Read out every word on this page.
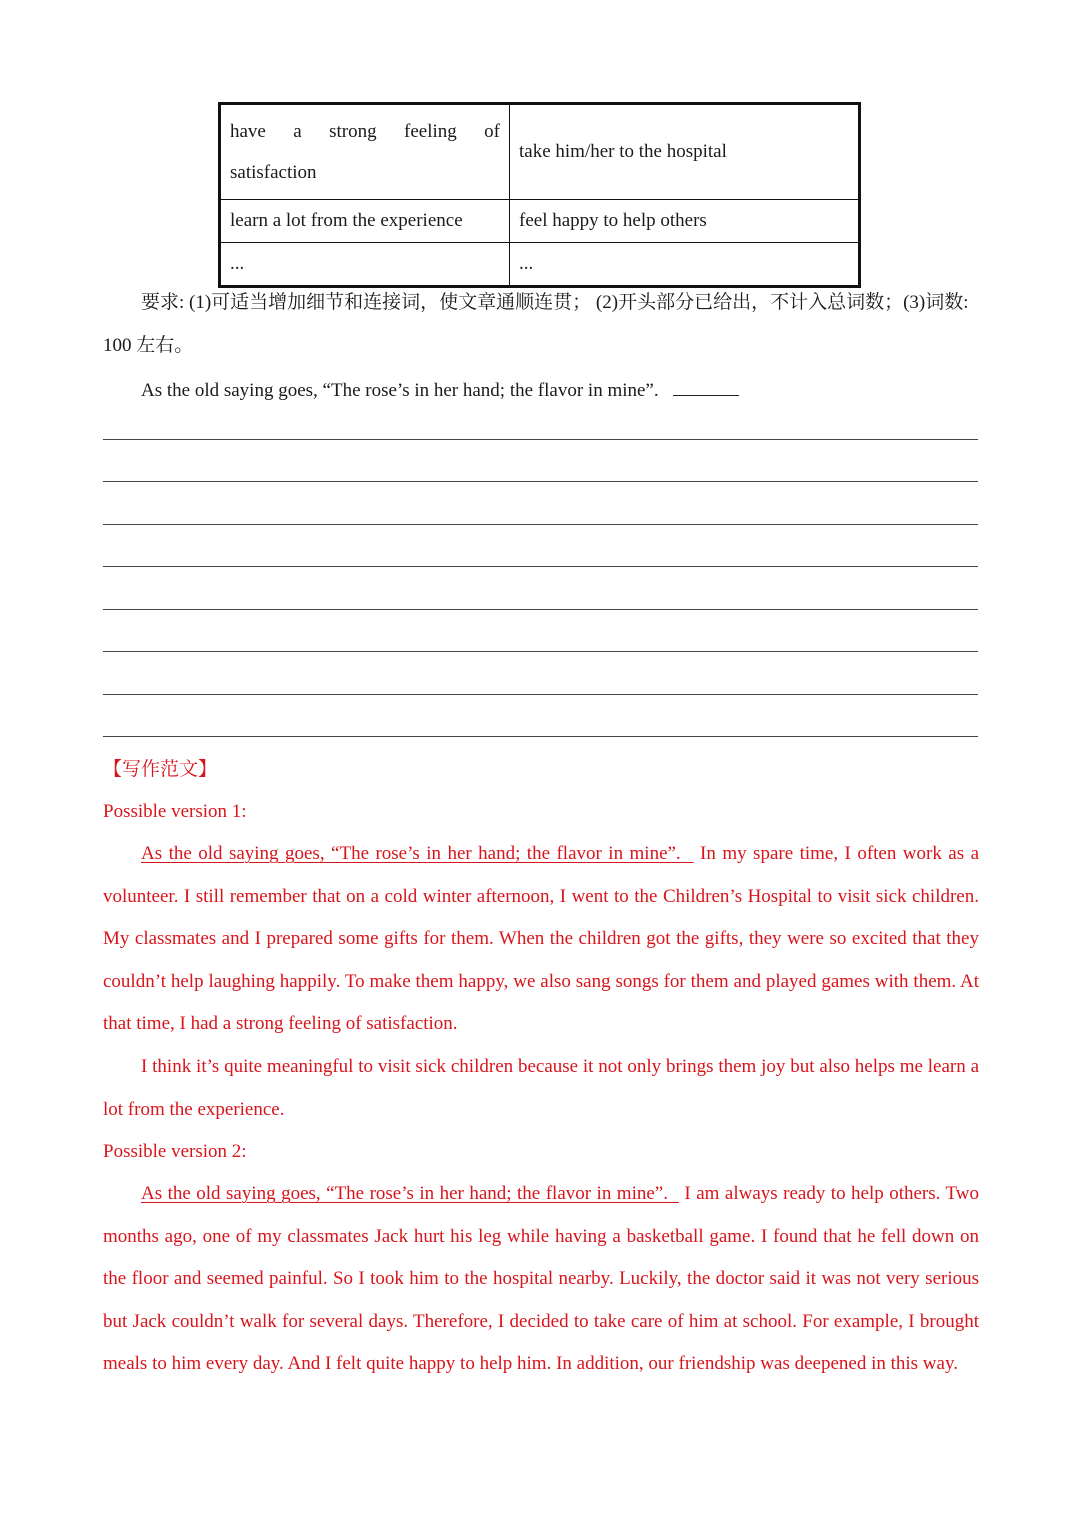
have a strong feeling of satisfaction	take him/her to the hospital
learn a lot from the experience	feel happy to help others
...	...
要求: (1)可适当增加细节和连接词，使文章通顺连贯； (2)开头部分已给出，不计入总词数；(3)词数:
100 左右。
As the old saying goes, “The rose’s in her hand; the flavor in mine”.
【写作范文】
Possible version 1:
As the old saying goes, “The rose’s in her hand; the flavor in mine”. In my spare time, I often work as a volunteer. I still remember that on a cold winter afternoon, I went to the Children’s Hospital to visit sick children. My classmates and I prepared some gifts for them. When the children got the gifts, they were so excited that they couldn’t help laughing happily. To make them happy, we also sang songs for them and played games with them. At that time, I had a strong feeling of satisfaction.
I think it’s quite meaningful to visit sick children because it not only brings them joy but also helps me learn a lot from the experience.
Possible version 2:
As the old saying goes, “The rose’s in her hand; the flavor in mine”. I am always ready to help others. Two months ago, one of my classmates Jack hurt his leg while having a basketball game. I found that he fell down on the floor and seemed painful. So I took him to the hospital nearby. Luckily, the doctor said it was not very serious but Jack couldn’t walk for several days. Therefore, I decided to take care of him at school. For example, I brought meals to him every day. And I felt quite happy to help him. In addition, our friendship was deepened in this way.
